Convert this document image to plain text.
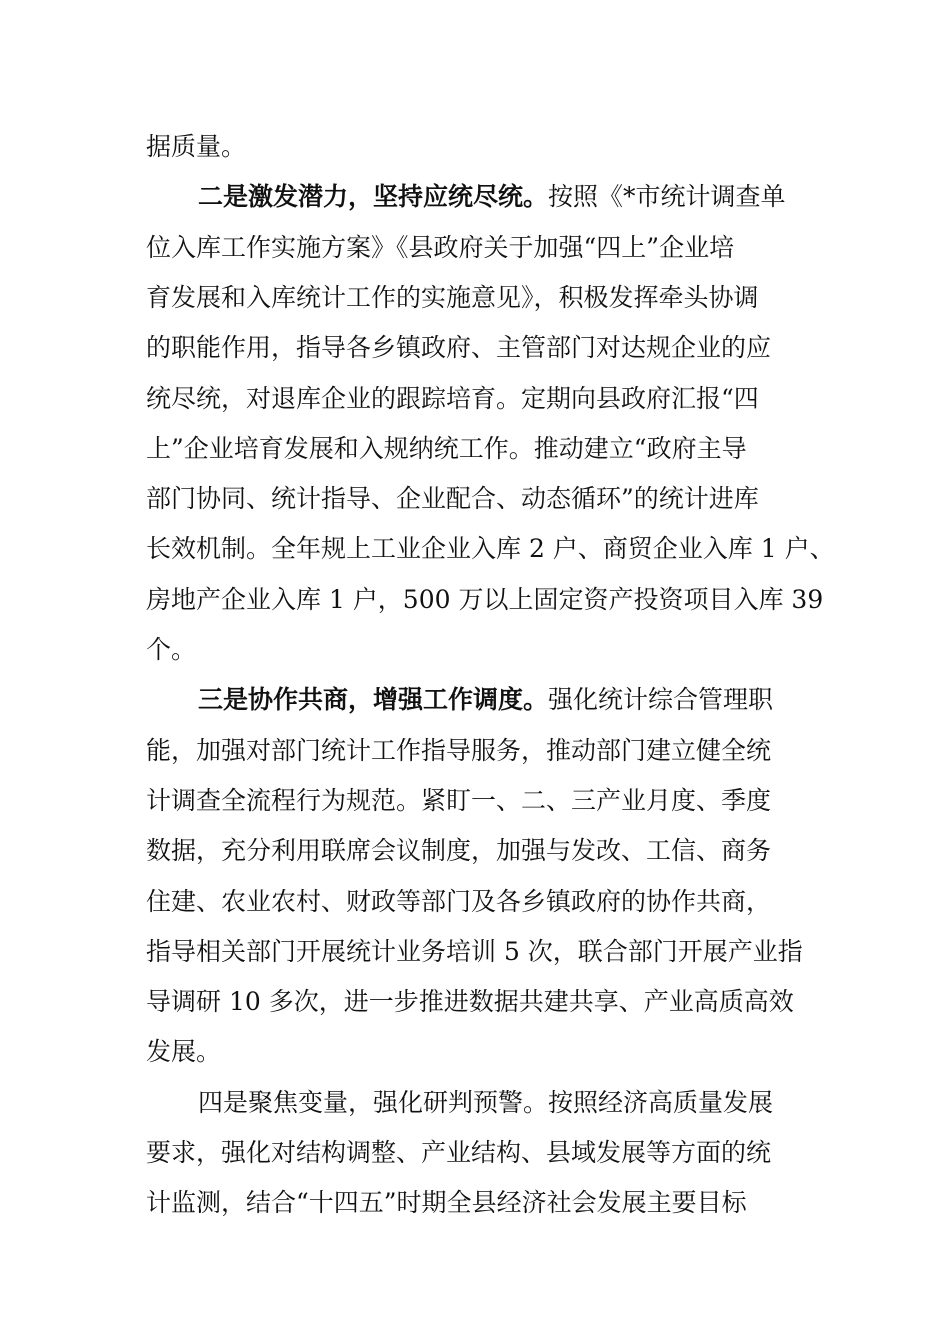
据质量。
二是激发潜力，坚持应统尽统。按照《*市统计调查单
位入库工作实施方案》《县政府关于加强“四上”企业培
育发展和入库统计工作的实施意见》，积极发挥牵头协调
的职能作用，指导各乡镇政府、主管部门对达规企业的应
统尽统，对退库企业的跟踪培育。定期向县政府汇报“四
上”企业培育发展和入规纳统工作。推动建立“政府主导
部门协同、统计指导、企业配合、动态循环”的统计进库
长效机制。全年规上工业企业入库 2 户、商贸企业入库 1 户、
房地产企业入库 1 户，500 万以上固定资产投资项目入库 39
个。
三是协作共商，增强工作调度。强化统计综合管理职
能，加强对部门统计工作指导服务，推动部门建立健全统
计调查全流程行为规范。紧盯一、二、三产业月度、季度
数据，充分利用联席会议制度，加强与发改、工信、商务
住建、农业农村、财政等部门及各乡镇政府的协作共商，
指导相关部门开展统计业务培训 5 次，联合部门开展产业指
导调研 10 多次，进一步推进数据共建共享、产业高质高效
发展。
四是聚焦变量，强化研判预警。按照经济高质量发展
要求，强化对结构调整、产业结构、县域发展等方面的统
计监测，结合“十四五”时期全县经济社会发展主要目标
